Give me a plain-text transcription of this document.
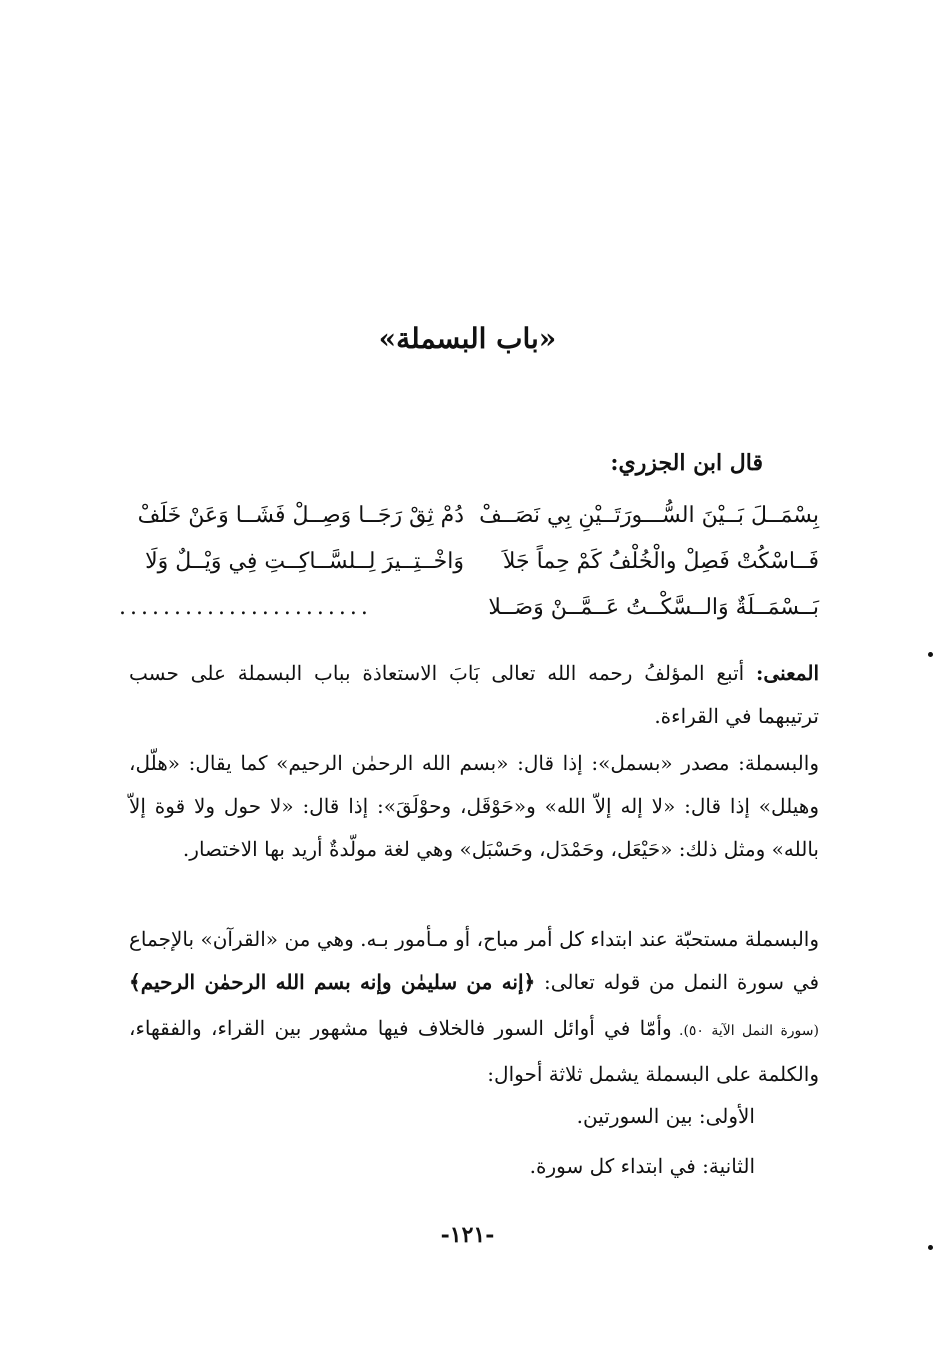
«باب البسملة»
قال ابن الجزري:
بِسْمَــلَ بَــيْنَ السُّـــورَتَــيْنِ بِي نَصَــفْ
دُمْ ثِقْ رَجَــا وَصِــلْ فَشَــا وَعَنْ خَلَفْ
فَــاسْكُتْ فَصِلْ والْخُلْفُ كَمْ حِماً جَلاَ
وَاخْــتِــيرَ لِــلسَّــاكِــتِ فِي وَيْــلٌ وَلَا
بَــسْمَــلَةٌ وَالــسَّكْــتُ عَــمَّــنْ وَصَــلا
.......................
المعنى: أتبع المؤلفُ رحمه الله تعالى بَابَ الاستعاذة بباب البسملة على حسب ترتيبهما في القراءة.
والبسملة: مصدر «بسمل»: إذا قال: «بسم الله الرحمٰن الرحيم» كما يقال: «هلّل، وهيلل» إذا قال: «لا إله إلاّ الله» و«حَوْقَل، وحوْلَقَ»: إذا قال: «لا حول ولا قوة إلاّ بالله» ومثل ذلك: «حَيْعَل، وحَمْدَل، وحَسْبَل» وهي لغة مولّدةٌ أريد بها الاختصار.
والبسملة مستحبّة عند ابتداء كل أمر مباح، أو مـأمور بـه. وهي من «القرآن» بالإجماع في سورة النمل من قوله تعالى: ﴿إنه من سليمٰن وإنه بسم الله الرحمٰن الرحيم﴾ (سورة النمل الآية ٥٠). وأمّا في أوائل السور فالخلاف فيها مشهور بين القراء، والفقهاء، والكلمة على البسملة يشمل ثلاثة أحوال:
الأولى: بين السورتين.
الثانية: في ابتداء كل سورة.
-١٢١-
